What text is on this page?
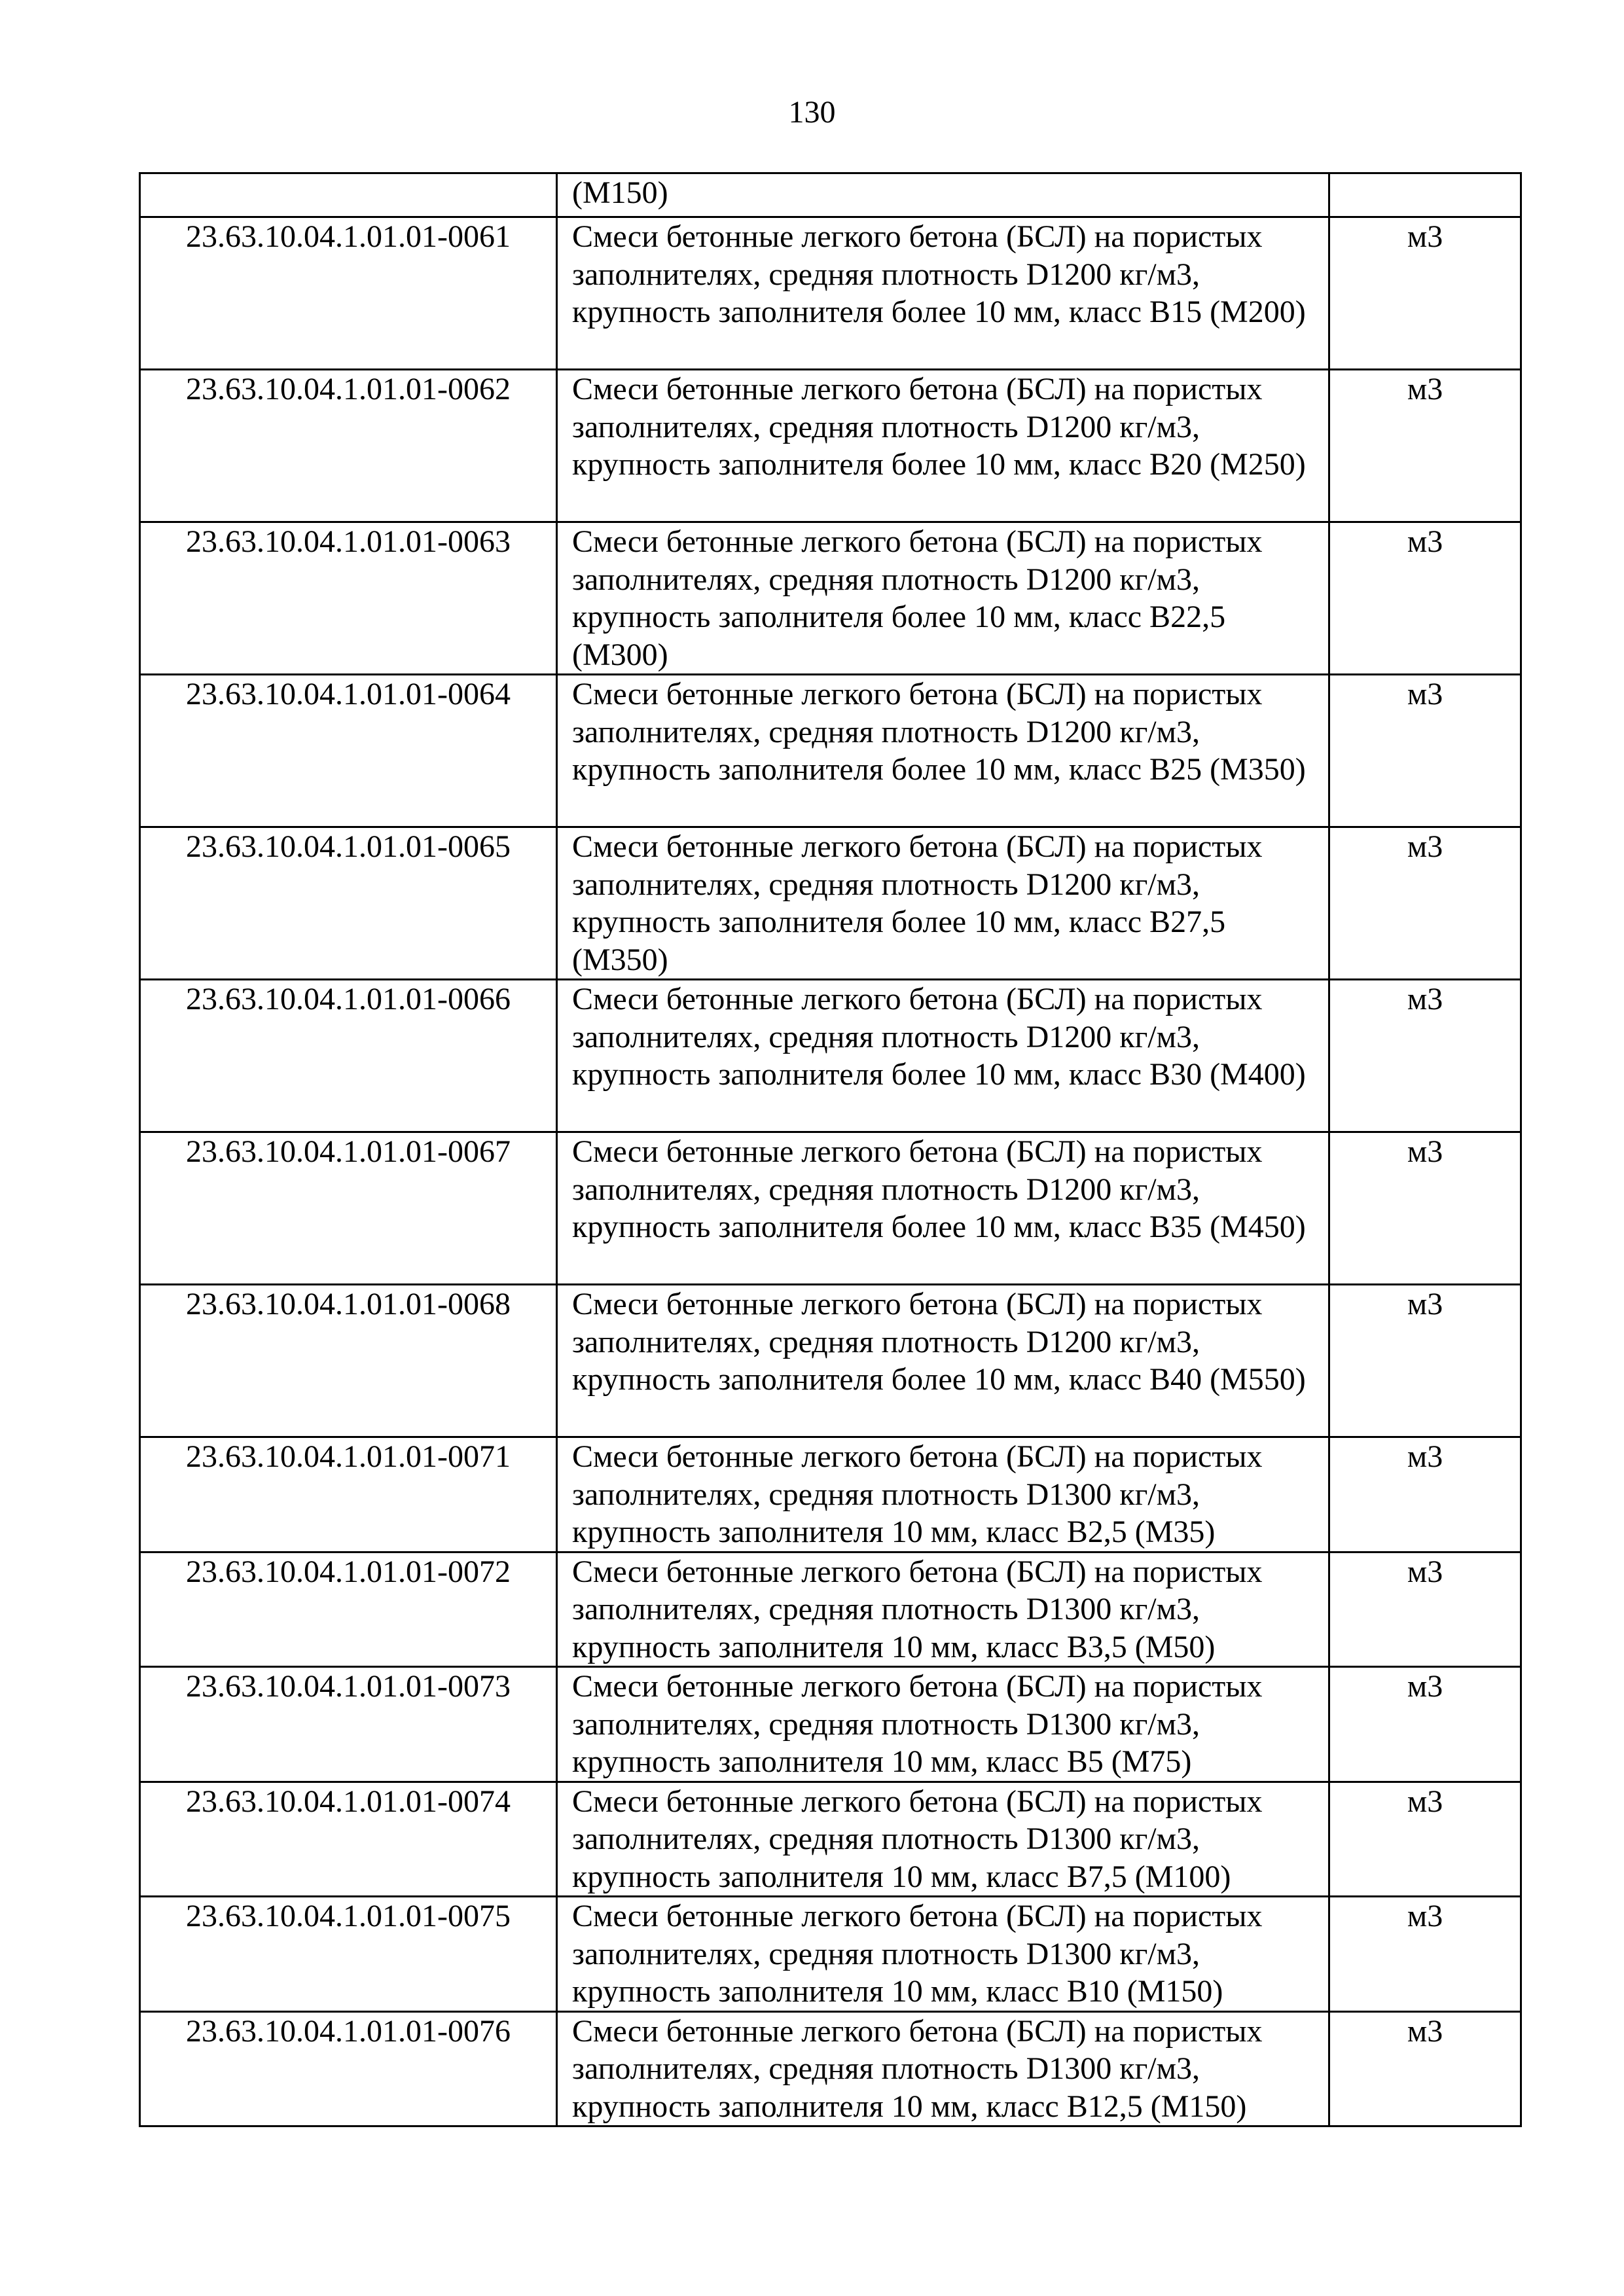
130
	(М150)	
23.63.10.04.1.01.01-0061	Смеси бетонные легкого бетона (БСЛ) на пористых заполнителях, средняя плотность D1200 кг/м3, крупность заполнителя более 10 мм, класс В15 (М200)	м3
23.63.10.04.1.01.01-0062	Смеси бетонные легкого бетона (БСЛ) на пористых заполнителях, средняя плотность D1200 кг/м3, крупность заполнителя более 10 мм, класс В20 (М250)	м3
23.63.10.04.1.01.01-0063	Смеси бетонные легкого бетона (БСЛ) на пористых заполнителях, средняя плотность D1200 кг/м3, крупность заполнителя более 10 мм, класс В22,5 (М300)	м3
23.63.10.04.1.01.01-0064	Смеси бетонные легкого бетона (БСЛ) на пористых заполнителях, средняя плотность D1200 кг/м3, крупность заполнителя более 10 мм, класс В25 (М350)	м3
23.63.10.04.1.01.01-0065	Смеси бетонные легкого бетона (БСЛ) на пористых заполнителях, средняя плотность D1200 кг/м3, крупность заполнителя более 10 мм, класс В27,5 (М350)	м3
23.63.10.04.1.01.01-0066	Смеси бетонные легкого бетона (БСЛ) на пористых заполнителях, средняя плотность D1200 кг/м3, крупность заполнителя более 10 мм, класс В30 (М400)	м3
23.63.10.04.1.01.01-0067	Смеси бетонные легкого бетона (БСЛ) на пористых заполнителях, средняя плотность D1200 кг/м3, крупность заполнителя более 10 мм, класс В35 (М450)	м3
23.63.10.04.1.01.01-0068	Смеси бетонные легкого бетона (БСЛ) на пористых заполнителях, средняя плотность D1200 кг/м3, крупность заполнителя более 10 мм, класс В40 (М550)	м3
23.63.10.04.1.01.01-0071	Смеси бетонные легкого бетона (БСЛ) на пористых заполнителях, средняя плотность D1300 кг/м3, крупность заполнителя 10 мм, класс В2,5 (М35)	м3
23.63.10.04.1.01.01-0072	Смеси бетонные легкого бетона (БСЛ) на пористых заполнителях, средняя плотность D1300 кг/м3, крупность заполнителя 10 мм, класс В3,5 (М50)	м3
23.63.10.04.1.01.01-0073	Смеси бетонные легкого бетона (БСЛ) на пористых заполнителях, средняя плотность D1300 кг/м3, крупность заполнителя 10 мм, класс В5 (М75)	м3
23.63.10.04.1.01.01-0074	Смеси бетонные легкого бетона (БСЛ) на пористых заполнителях, средняя плотность D1300 кг/м3, крупность заполнителя 10 мм, класс В7,5 (М100)	м3
23.63.10.04.1.01.01-0075	Смеси бетонные легкого бетона (БСЛ) на пористых заполнителях, средняя плотность D1300 кг/м3, крупность заполнителя 10 мм, класс В10 (М150)	м3
23.63.10.04.1.01.01-0076	Смеси бетонные легкого бетона (БСЛ) на пористых заполнителях, средняя плотность D1300 кг/м3, крупность заполнителя 10 мм, класс В12,5 (М150)	м3
